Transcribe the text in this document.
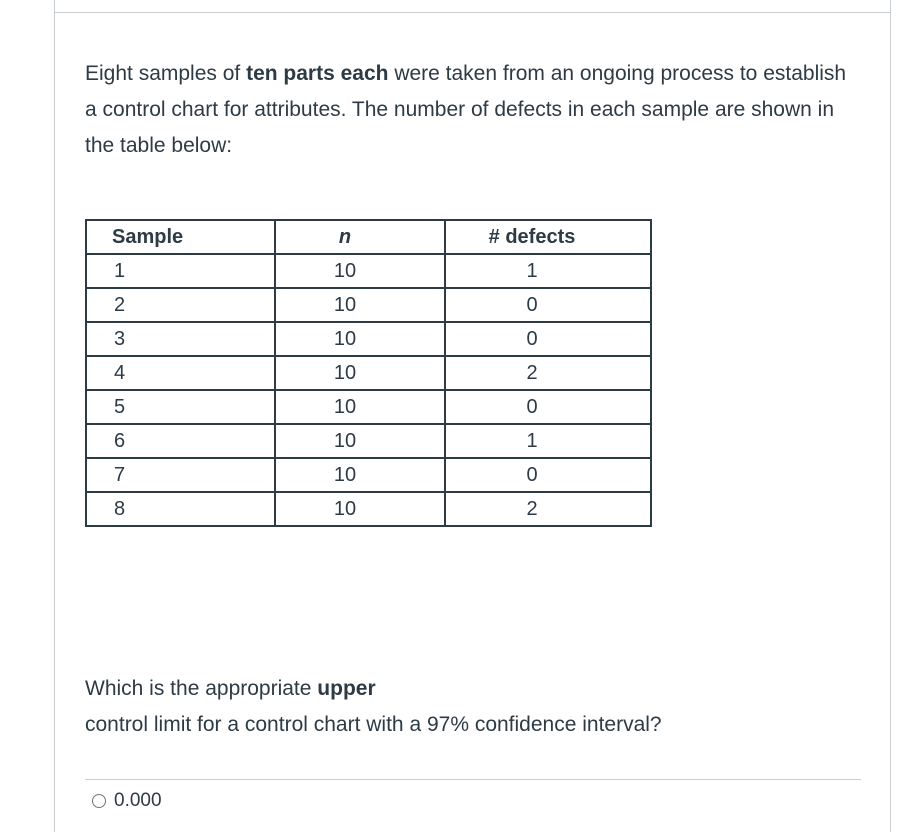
Eight samples of ten parts each were taken from an ongoing process to establish a control chart for attributes. The number of defects in each sample are shown in the table below:

Sample	n	# defects
1	10	1
2	10	0
3	10	0
4	10	2
5	10	0
6	10	1
7	10	0
8	10	2

Which is the appropriate upper
control limit for a control chart with a 97% confidence interval?

0.000
